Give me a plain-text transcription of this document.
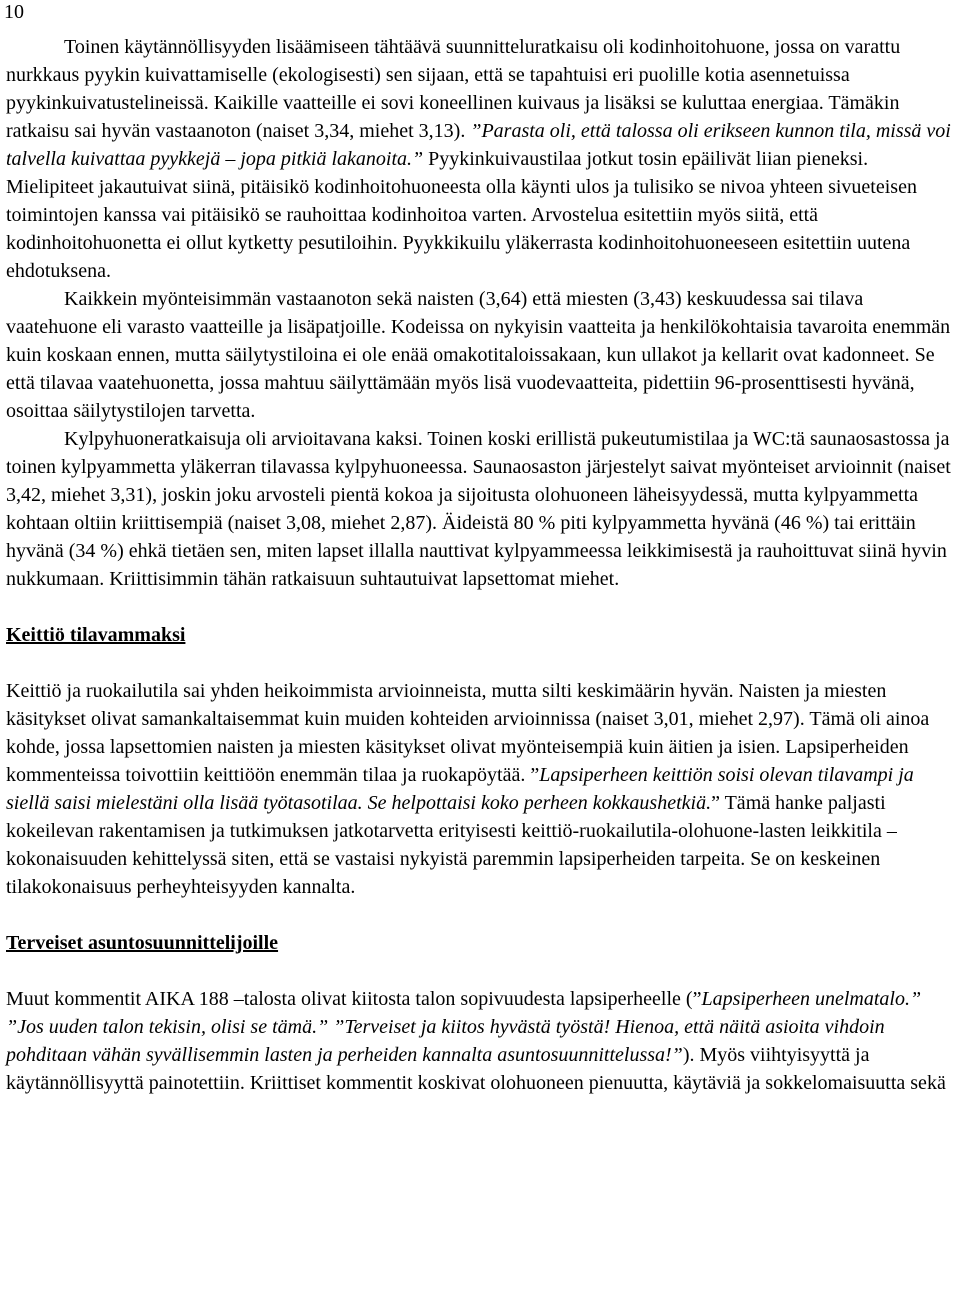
10

Toinen käytännöllisyyden lisäämiseen tähtäävä suunnitteluratkaisu oli kodinhoitohuone, jossa on varattu nurkkaus pyykin kuivattamiselle (ekologisesti) sen sijaan, että se tapahtuisi eri puolille kotia asennetuissa pyykinkuivatustelineissä. Kaikille vaatteille ei sovi koneellinen kuivaus ja lisäksi se kuluttaa energiaa. Tämäkin ratkaisu sai hyvän vastaanoton (naiset 3,34, miehet 3,13). ”Parasta oli, että talossa oli erikseen kunnon tila, missä voi talvella kuivattaa pyykkejä – jopa pitkiä lakanoita.” Pyykinkuivaustilaa jotkut tosin epäilivät liian pieneksi. Mielipiteet jakautuivat siinä, pitäisikö kodinhoitohuoneesta olla käynti ulos ja tulisiko se nivoa yhteen sivueteisen toimintojen kanssa vai pitäisikö se rauhoittaa kodinhoitoa varten. Arvostelua esitettiin myös siitä, että kodinhoitohuonetta ei ollut kytketty pesutiloihin. Pyykkikuilu yläkerrasta kodinhoitohuoneeseen esitettiin uutena ehdotuksena.

Kaikkein myönteisimmän vastaanoton sekä naisten (3,64) että miesten (3,43) keskuudessa sai tilava vaatehuone eli varasto vaatteille ja lisäpatjoille. Kodeissa on nykyisin vaatteita ja henkilökohtaisia tavaroita enemmän kuin koskaan ennen, mutta säilytystiloina ei ole enää omakotitaloissakaan, kun ullakot ja kellarit ovat kadonneet. Se että tilavaa vaatehuonetta, jossa mahtuu säilyttämään myös lisä vuodevaatteita, pidettiin 96-prosenttisesti hyvänä, osoittaa säilytystilojen tarvetta.

Kylpyhuoneratkaisuja oli arvioitavana kaksi. Toinen koski erillistä pukeutumistilaa ja WC:tä saunaosastossa ja toinen kylpyammetta yläkerran tilavassa kylpyhuoneessa. Saunaosaston järjestelyt saivat myönteiset arvioinnit (naiset 3,42, miehet 3,31), joskin joku arvosteli pientä kokoa ja sijoitusta olohuoneen läheisyydessä, mutta kylpyammetta kohtaan oltiin kriittisempiä (naiset 3,08, miehet 2,87). Äideistä 80 % piti kylpyammetta hyvänä (46 %) tai erittäin hyvänä (34 %) ehkä tietäen sen, miten lapset illalla nauttivat kylpyammeessa leikkimisestä ja rauhoittuvat siinä hyvin nukkumaan. Kriittisimmin tähän ratkaisuun suhtautuivat lapsettomat miehet.

Keittiö tilavammaksi

Keittiö ja ruokailutila sai yhden heikoimmista arvioinneista, mutta silti keskimäärin hyvän. Naisten ja miesten käsitykset olivat samankaltaisemmat kuin muiden kohteiden arvioinnissa (naiset 3,01, miehet 2,97). Tämä oli ainoa kohde, jossa lapsettomien naisten ja miesten käsitykset olivat myönteisempiä kuin äitien ja isien. Lapsiperheiden kommenteissa toivottiin keittiöön enemmän tilaa ja ruokapöytää. ”Lapsiperheen keittiön soisi olevan tilavampi ja siellä saisi mielestäni olla lisää työtasotilaa. Se helpottaisi koko perheen kokkaushetkiä.” Tämä hanke paljasti kokeilevan rakentamisen ja tutkimuksen jatkotarvetta erityisesti keittiö-ruokailutila-olohuone-lasten leikkitila –kokonaisuuden kehittelyssä siten, että se vastaisi nykyistä paremmin lapsiperheiden tarpeita. Se on keskeinen tilakokonaisuus perheyhteisyyden kannalta.

Terveiset asuntosuunnittelijoille

Muut kommentit AIKA 188 –talosta olivat kiitosta talon sopivuudesta lapsiperheelle (”Lapsiperheen unelmatalo.” ”Jos uuden talon tekisin, olisi se tämä.” ”Terveiset ja kiitos hyvästä työstä! Hienoa, että näitä asioita vihdoin pohditaan vähän syvällisemmin lasten ja perheiden kannalta asuntosuunnittelussa!”). Myös viihtyisyyttä ja käytännöllisyyttä painotettiin. Kriittiset kommentit koskivat olohuoneen pienuutta, käytäviä ja sokkelomaisuutta sekä
